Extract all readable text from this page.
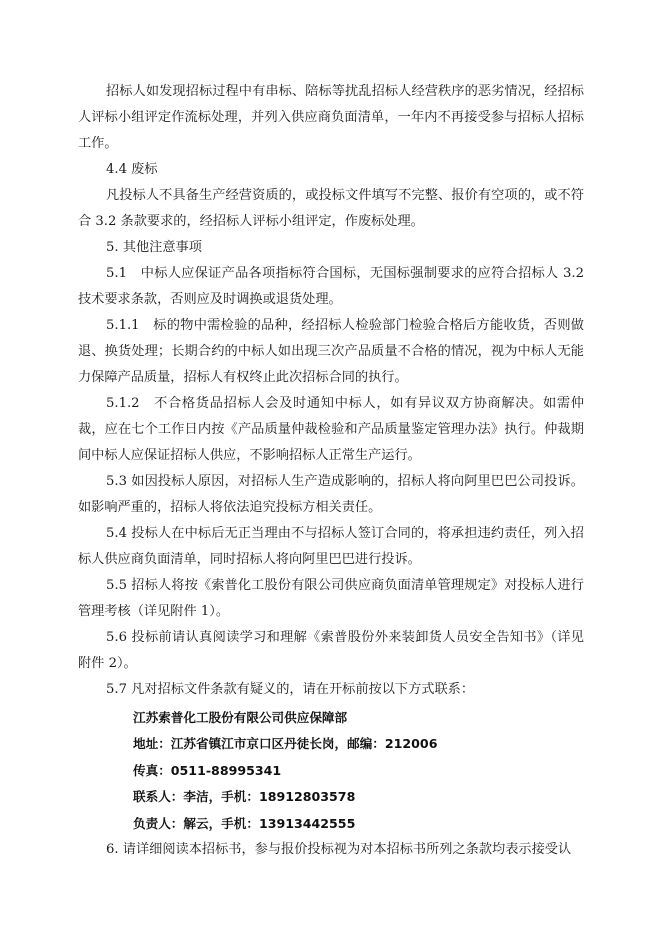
招标人如发现招标过程中有串标、陪标等扰乱招标人经营秩序的恶劣情况，经招标人评标小组评定作流标处理，并列入供应商负面清单，一年内不再接受参与招标人招标工作。

4.4 废标

凡投标人不具备生产经营资质的，或投标文件填写不完整、报价有空项的，或不符合 3.2 条款要求的，经招标人评标小组评定，作废标处理。

5. 其他注意事项

5.1　中标人应保证产品各项指标符合国标，无国标强制要求的应符合招标人 3.2 技术要求条款，否则应及时调换或退货处理。

5.1.1　标的物中需检验的品种，经招标人检验部门检验合格后方能收货，否则做退、换货处理；长期合约的中标人如出现三次产品质量不合格的情况，视为中标人无能力保障产品质量，招标人有权终止此次招标合同的执行。

5.1.2　不合格货品招标人会及时通知中标人，如有异议双方协商解决。如需仲裁，应在七个工作日内按《产品质量仲裁检验和产品质量鉴定管理办法》执行。仲裁期间中标人应保证招标人供应，不影响招标人正常生产运行。

5.3 如因投标人原因，对招标人生产造成影响的，招标人将向阿里巴巴公司投诉。如影响严重的，招标人将依法追究投标方相关责任。

5.4 投标人在中标后无正当理由不与招标人签订合同的，将承担违约责任，列入招标人供应商负面清单，同时招标人将向阿里巴巴进行投诉。

5.5 招标人将按《索普化工股份有限公司供应商负面清单管理规定》对投标人进行管理考核（详见附件 1）。

5.6 投标前请认真阅读学习和理解《索普股份外来装卸货人员安全告知书》（详见附件 2）。

5.7 凡对招标文件条款有疑义的，请在开标前按以下方式联系：

江苏索普化工股份有限公司供应保障部

地址：江苏省镇江市京口区丹徒长岗，邮编：212006

传真：0511-88995341

联系人：李洁，手机：18912803578

负责人：解云，手机：13913442555

6. 请详细阅读本招标书，参与报价投标视为对本招标书所列之条款均表示接受认
